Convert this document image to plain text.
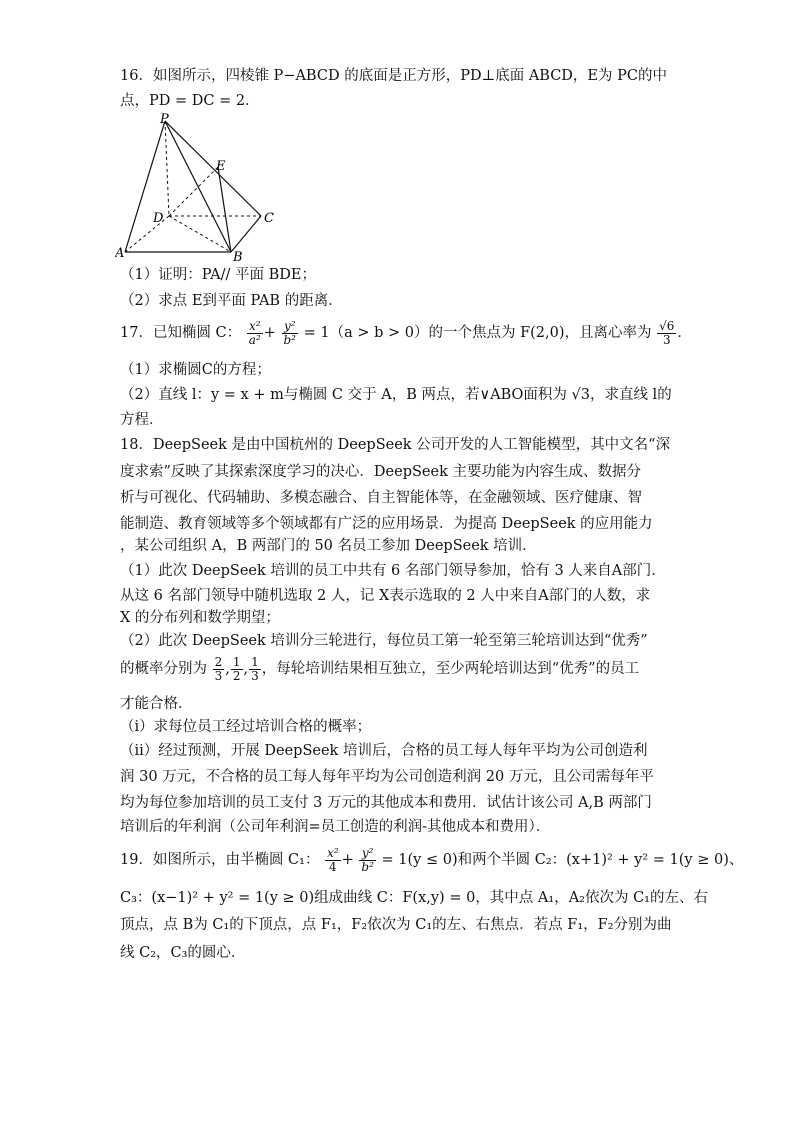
16．如图所示，四棱锥 P−ABCD 的底面是正方形，PD⊥底面 ABCD，E为 PC的中
点，PD = DC = 2．
P
E
D	C
A	B
（1）证明：PA// 平面 BDE；
（2）求点 E到平面 PAB 的距离．
17．已知椭圆 C： $\frac{\text{x²}}{\text{a²}} + \frac{\text{y²}}{\text{b²}} = 1(a > b > 0)$的一个焦点为 F(2,0)，且离心率为 $\frac{√6}{3}$ ．
（1）求椭圆C的方程；
（2）直线 l：y = x + m与椭圆 C 交于 A，B 两点，若∨ABO面积为 √3，求直线 l的
方程．
18．DeepSeek 是由中国杭州的 DeepSeek 公司开发的人工智能模型，其中文名“深
度求索”反映了其探索深度学习的决心．DeepSeek 主要功能为内容生成、数据分
析与可视化、代码辅助、多模态融合、自主智能体等，在金融领域、医疗健康、智
能制造、教育领域等多个领域都有广泛的应用场景．为提高 DeepSeek 的应用能力
，某公司组织 A，B 两部门的 50 名员工参加 DeepSeek 培训．
（1）此次 DeepSeek 培训的员工中共有 6 名部门领导参加，恰有 3 人来自A部门．
从这 6 名部门领导中随机选取 2 人，记 X表示选取的 2 人中来自A部门的人数，求
X 的分布列和数学期望；
（2）此次 DeepSeek 培训分三轮进行，每位员工第一轮至第三轮培训达到“优秀”
的概率分别为 $\frac{2}{3}$ , $\frac{1}{2}$ , $\frac{1}{3}$ ，每轮培训结果相互独立，至少两轮培训达到“优秀”的员工
才能合格．
（ⅰ）求每位员工经过培训合格的概率；
（ⅱ）经过预测，开展 DeepSeek 培训后，合格的员工每人每年平均为公司创造利
润 30 万元，不合格的员工每人每年平均为公司创造利润 20 万元，且公司需每年平
均为每位参加培训的员工支付 3 万元的其他成本和费用．试估计该公司 A,B 两部门
培训后的年利润（公司年利润=员工创造的利润-其他成本和费用）．
19．如图所示，由半椭圆 C₁： $\frac{\text{x²}}{4} + \frac{\text{y²}}{\text{b²}} = 1(y \le 0)$和两个半圆 C₂：(x+1)² + y² = 1(y ≥ 0)、
C₃：(x−1)² + y² = 1(y ≥ 0)组成曲线 C：F(x,y) = 0，其中点 A₁，A₂依次为 C₁的左、右
顶点，点 B为 C₁的下顶点，点 F₁，F₂依次为 C₁的左、右焦点．若点 F₁，F₂分别为曲
线 C₂，C₃的圆心．
